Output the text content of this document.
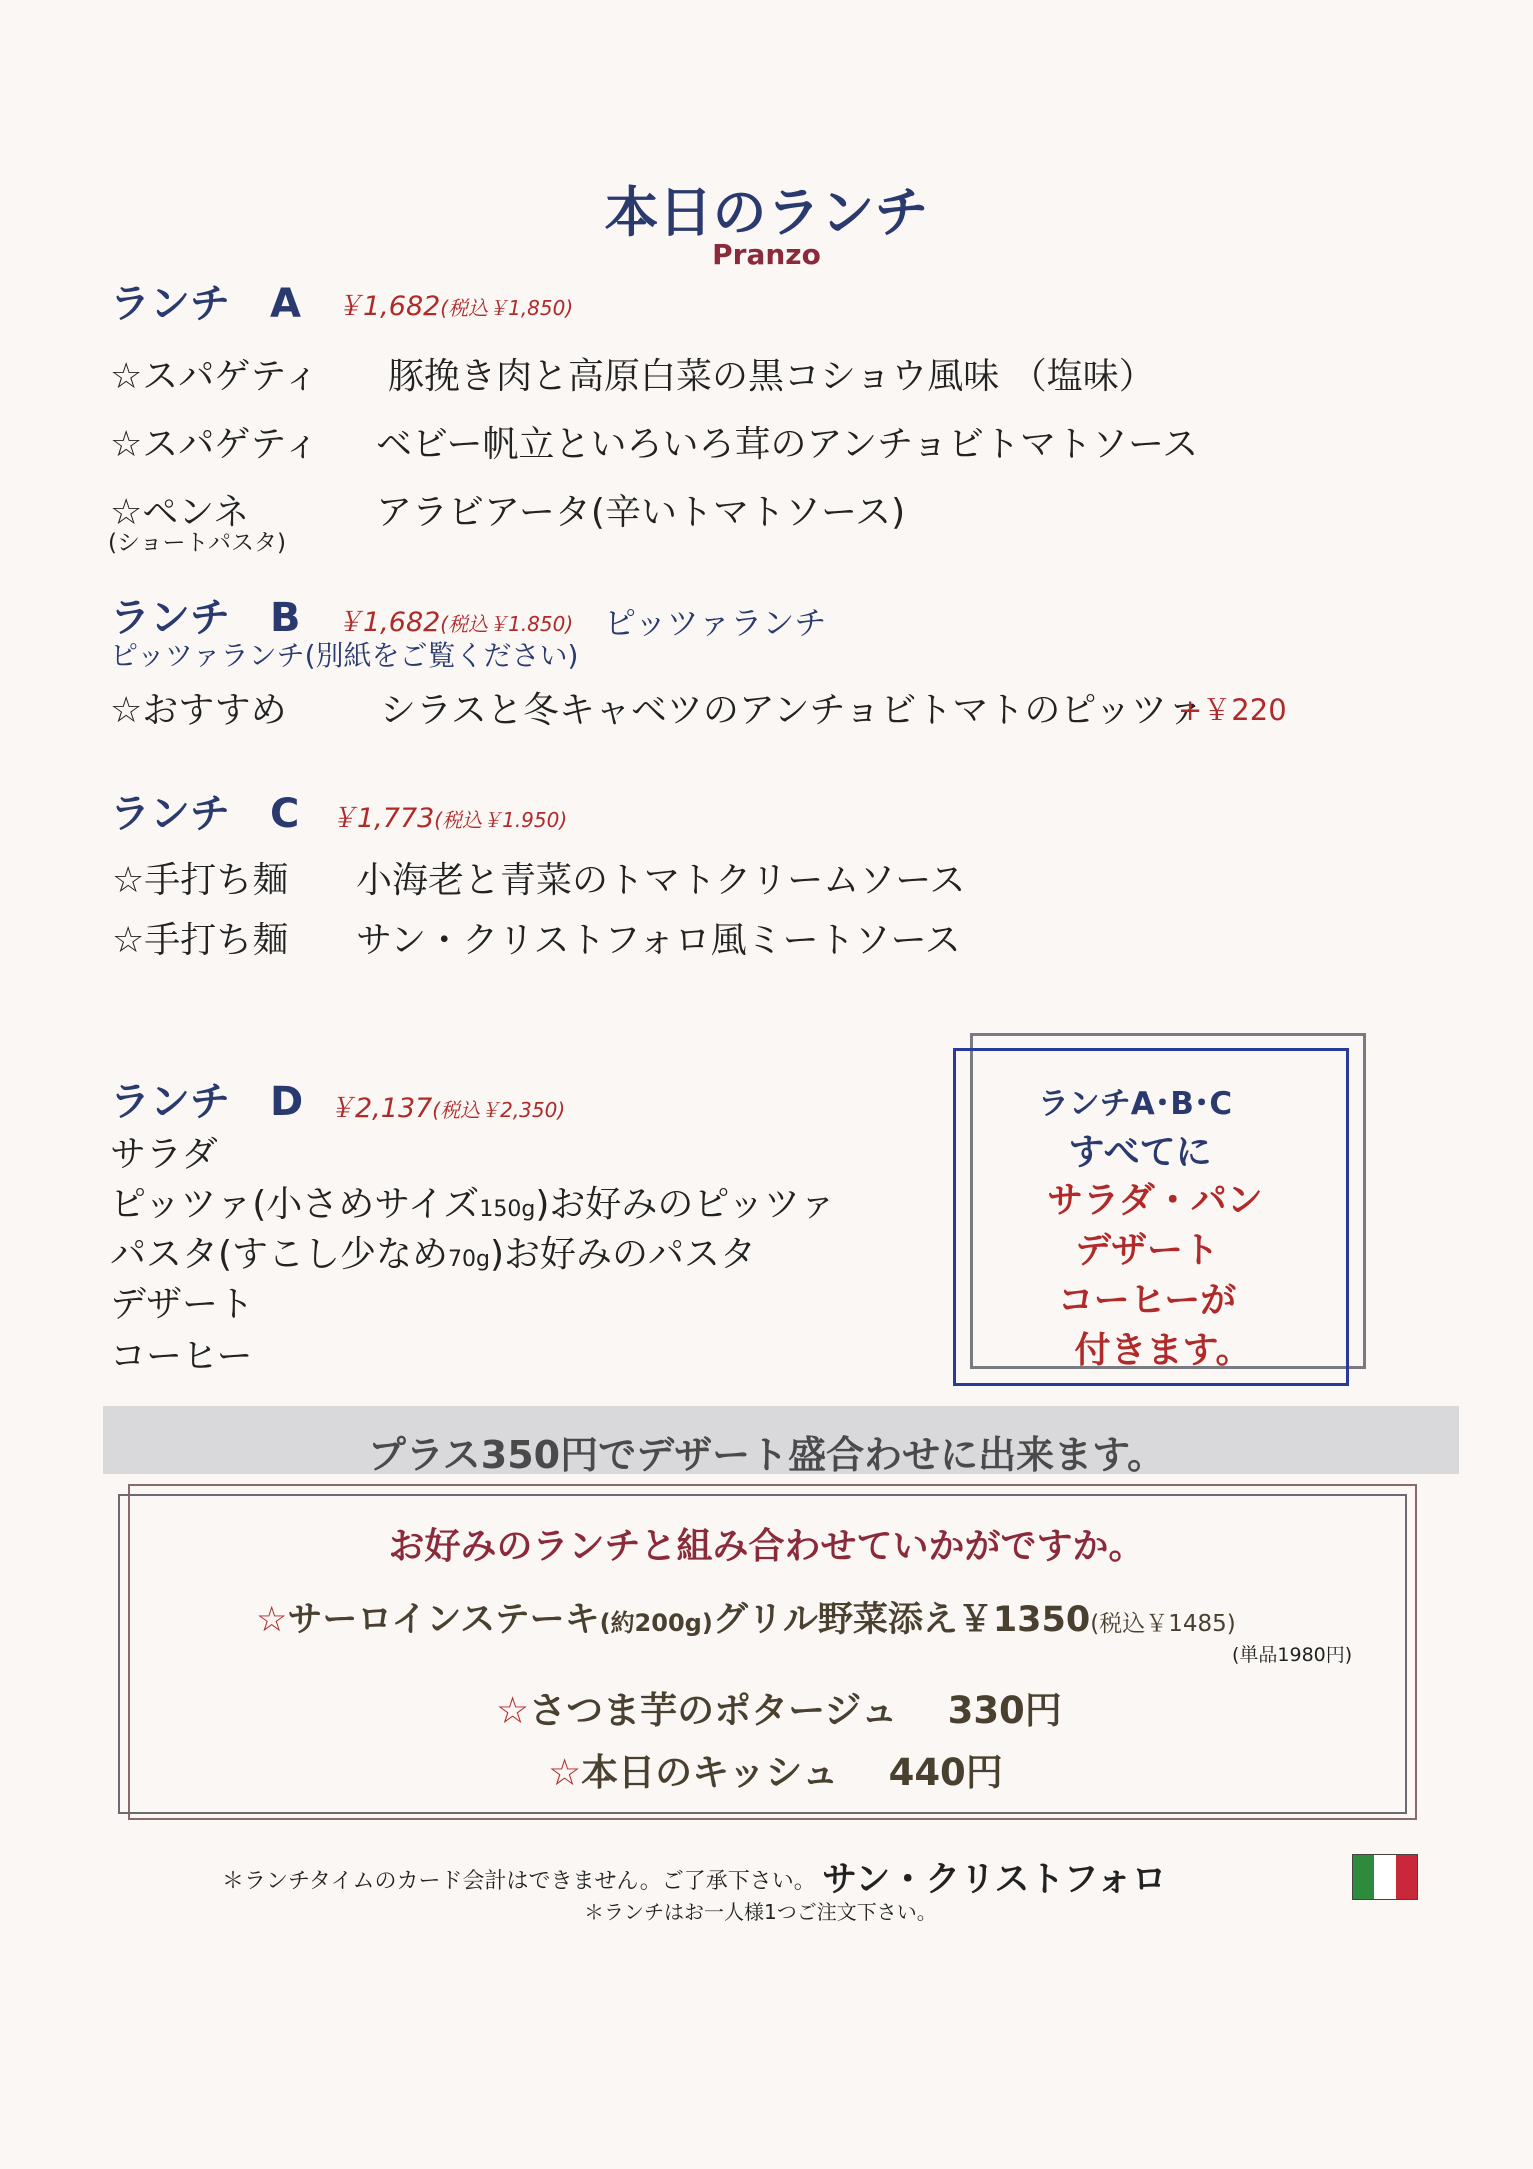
本日のランチ
Pranzo
ランチ　A ￥1,682(税込￥1,850)
☆スパゲティ 豚挽き肉と高原白菜の黒コショウ風味 （塩味）
☆スパゲティ ベビー帆立といろいろ茸のアンチョビトマトソース
☆ペンネ	アラビアータ(辛いトマトソース)
(ショートパスタ)
ランチ　B ￥1,682(税込￥1.850) ピッツァランチ
ピッツァランチ(別紙をご覧ください)
☆おすすめ	シラスと冬キャベツのアンチョビトマトのピッツァ
+￥220
ランチ　C ￥1,773(税込￥1.950)
☆手打ち麺 小海老と青菜のトマトクリームソース
☆手打ち麺 サン・クリストフォロ風ミートソース
ランチ　D ￥2,137(税込￥2,350)
サラダ
ピッツァ(小さめサイズ150g)お好みのピッツァ
パスタ(すこし少なめ70g)お好みのパスタ
デザート
コーヒー
ランチA･B･C
すべてに
サラダ・パン
デザート
コーヒーが
付きます。
プラス350円でデザート盛合わせに出来ます。
お好みのランチと組み合わせていかがですか。
☆サーロインステーキ(約200g)グリル野菜添え￥1350(税込￥1485)
(単品1980円)
☆さつま芋のポタージュ　 330円
☆本日のキッシュ　 440円
＊ランチタイムのカード会計はできません。ご了承下さい。 サン・クリストフォロ
＊ランチはお一人様1つご注文下さい。
